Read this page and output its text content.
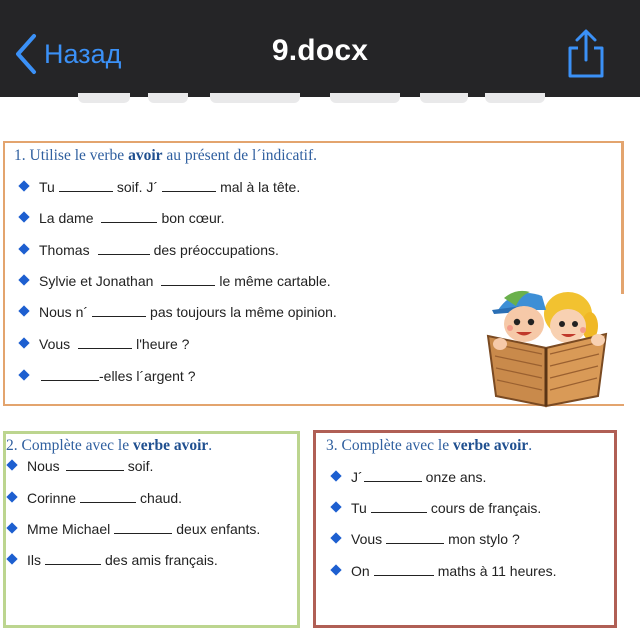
Назад	9.docx
1. Utilise le verbe avoir au présent de l´indicatif.
Tu	soif. J´	mal à la tête.
La dame	bon cœur.
Thomas	des préoccupations.
Sylvie et Jonathan	le même cartable.
Nous n´	pas toujours la même opinion.
Vous	l'heure ?
-elles l´argent ?
2. Complète avec le verbe avoir.
Nous	soif.
Corinne	chaud.
Mme Michael	deux enfants.
Ils	des amis français.
3. Complète avec le verbe avoir.
J´	onze ans.
Tu	cours de français.
Vous	mon stylo ?
On	maths à 11 heures.
